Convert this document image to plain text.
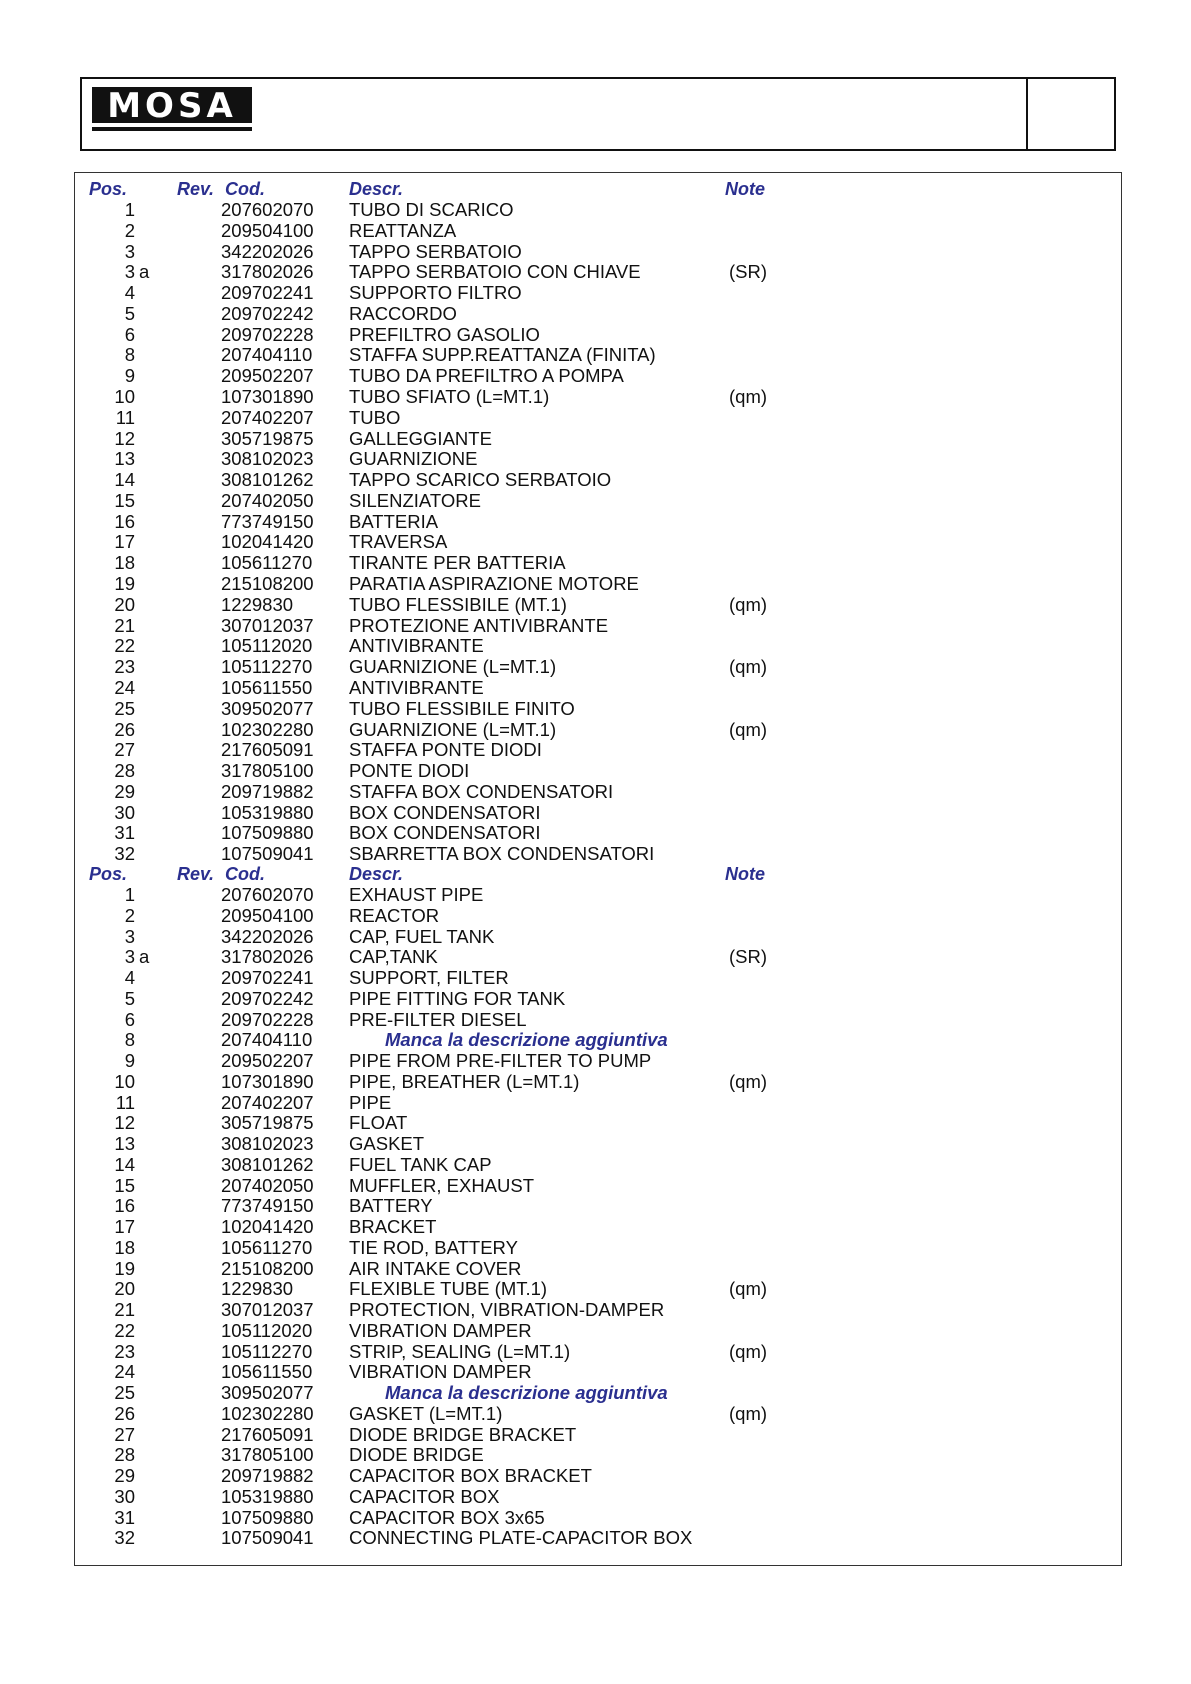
MOSA
Pos.	Rev. Cod.	Descr.	Note
1	207602070 TUBO DI SCARICO
2	209504100 REATTANZA
3	342202026 TAPPO SERBATOIO
3 a	317802026 TAPPO SERBATOIO CON CHIAVE	(SR)
4	209702241 SUPPORTO FILTRO
5	209702242 RACCORDO
6	209702228 PREFILTRO GASOLIO
8	207404110 STAFFA SUPP.REATTANZA (FINITA)
9	209502207 TUBO DA PREFILTRO A POMPA
10	107301890 TUBO SFIATO (L=MT.1)	(qm)
11	207402207 TUBO
12	305719875 GALLEGGIANTE
13	308102023 GUARNIZIONE
14	308101262 TAPPO SCARICO SERBATOIO
15	207402050 SILENZIATORE
16	773749150 BATTERIA
17	102041420 TRAVERSA
18	105611270 TIRANTE PER BATTERIA
19	215108200 PARATIA ASPIRAZIONE MOTORE
20	1229830	TUBO FLESSIBILE (MT.1)	(qm)
21	307012037 PROTEZIONE ANTIVIBRANTE
22	105112020 ANTIVIBRANTE
23	105112270 GUARNIZIONE (L=MT.1)	(qm)
24	105611550 ANTIVIBRANTE
25	309502077 TUBO FLESSIBILE FINITO
26	102302280 GUARNIZIONE (L=MT.1)	(qm)
27	217605091 STAFFA PONTE DIODI
28	317805100 PONTE DIODI
29	209719882 STAFFA BOX CONDENSATORI
30	105319880 BOX CONDENSATORI
31	107509880 BOX CONDENSATORI
32	107509041 SBARRETTA BOX CONDENSATORI
Pos.	Rev. Cod.	Descr.	Note
1	207602070 EXHAUST PIPE
2	209504100 REACTOR
3	342202026 CAP, FUEL TANK
3 a	317802026 CAP,TANK	(SR)
4	209702241 SUPPORT, FILTER
5	209702242 PIPE FITTING FOR TANK
6	209702228 PRE-FILTER DIESEL
8	207404110	Manca la descrizione aggiuntiva
9	209502207 PIPE FROM PRE-FILTER TO PUMP
10	107301890 PIPE, BREATHER (L=MT.1)	(qm)
11	207402207 PIPE
12	305719875 FLOAT
13	308102023 GASKET
14	308101262 FUEL TANK CAP
15	207402050 MUFFLER, EXHAUST
16	773749150 BATTERY
17	102041420 BRACKET
18	105611270 TIE ROD, BATTERY
19	215108200 AIR INTAKE COVER
20	1229830	FLEXIBLE TUBE (MT.1)	(qm)
21	307012037 PROTECTION, VIBRATION-DAMPER
22	105112020 VIBRATION DAMPER
23	105112270 STRIP, SEALING (L=MT.1)	(qm)
24	105611550 VIBRATION DAMPER
25	309502077	Manca la descrizione aggiuntiva
26	102302280 GASKET (L=MT.1)	(qm)
27	217605091 DIODE BRIDGE BRACKET
28	317805100 DIODE BRIDGE
29	209719882 CAPACITOR BOX BRACKET
30	105319880 CAPACITOR BOX
31	107509880 CAPACITOR BOX 3x65
32	107509041 CONNECTING PLATE-CAPACITOR BOX
